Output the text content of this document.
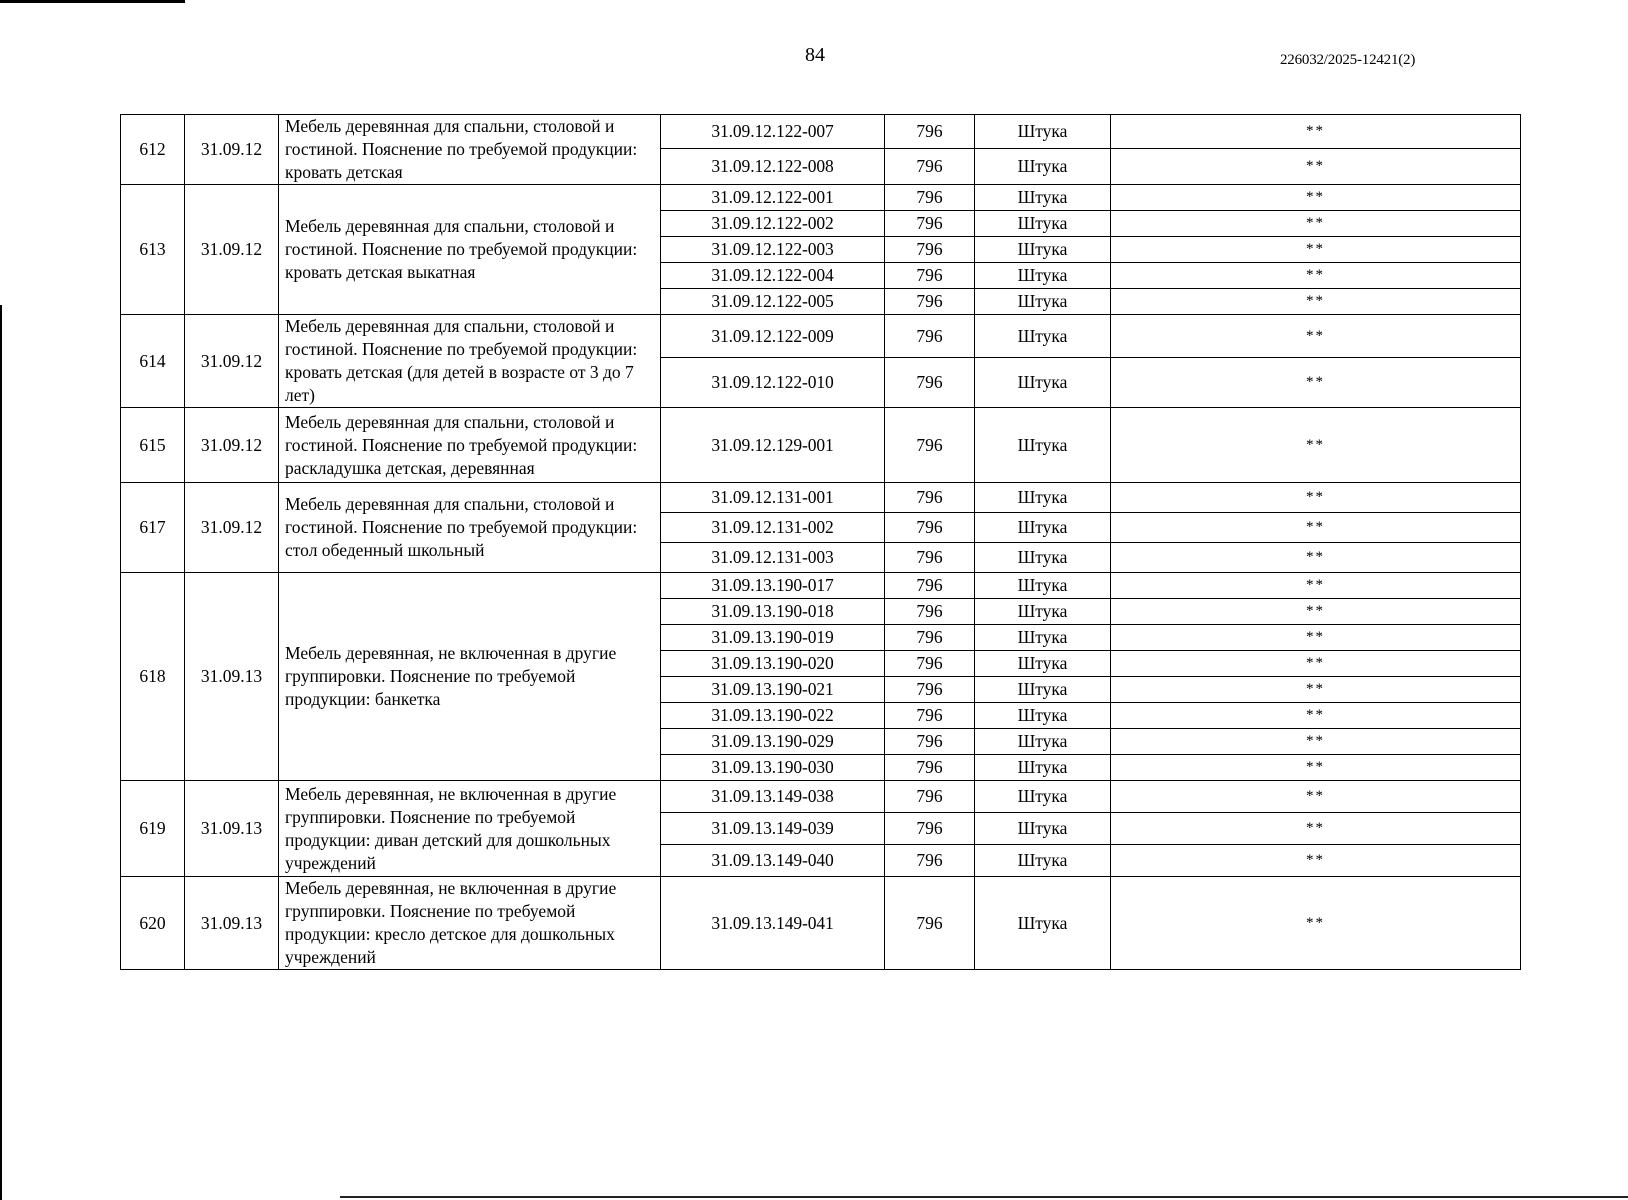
84	226032/2025-12421(2)
612	31.09.12	Мебель деревянная для спальни, столовой и гостиной. Пояснение по требуемой продукции: кровать детская	31.09.12.122-007	796	Штука	**
			31.09.12.122-008	796	Штука	**
613	31.09.12	Мебель деревянная для спальни, столовой и гостиной. Пояснение по требуемой продукции: кровать детская выкатная	31.09.12.122-001	796	Штука	**
			31.09.12.122-002	796	Штука	**
			31.09.12.122-003	796	Штука	**
			31.09.12.122-004	796	Штука	**
			31.09.12.122-005	796	Штука	**
614	31.09.12	Мебель деревянная для спальни, столовой и гостиной. Пояснение по требуемой продукции: кровать детская (для детей в возрасте от 3 до 7 лет)	31.09.12.122-009	796	Штука	**
			31.09.12.122-010	796	Штука	**
615	31.09.12	Мебель деревянная для спальни, столовой и гостиной. Пояснение по требуемой продукции: раскладушка детская, деревянная	31.09.12.129-001	796	Штука	**
617	31.09.12	Мебель деревянная для спальни, столовой и гостиной. Пояснение по требуемой продукции: стол обеденный школьный	31.09.12.131-001	796	Штука	**
			31.09.12.131-002	796	Штука	**
			31.09.12.131-003	796	Штука	**
618	31.09.13	Мебель деревянная, не включенная в другие группировки. Пояснение по требуемой продукции: банкетка	31.09.13.190-017	796	Штука	**
			31.09.13.190-018	796	Штука	**
			31.09.13.190-019	796	Штука	**
			31.09.13.190-020	796	Штука	**
			31.09.13.190-021	796	Штука	**
			31.09.13.190-022	796	Штука	**
			31.09.13.190-029	796	Штука	**
			31.09.13.190-030	796	Штука	**
619	31.09.13	Мебель деревянная, не включенная в другие группировки. Пояснение по требуемой продукции: диван детский для дошкольных учреждений	31.09.13.149-038	796	Штука	**
			31.09.13.149-039	796	Штука	**
			31.09.13.149-040	796	Штука	**
620	31.09.13	Мебель деревянная, не включенная в другие группировки. Пояснение по требуемой продукции: кресло детское для дошкольных учреждений	31.09.13.149-041	796	Штука	**
